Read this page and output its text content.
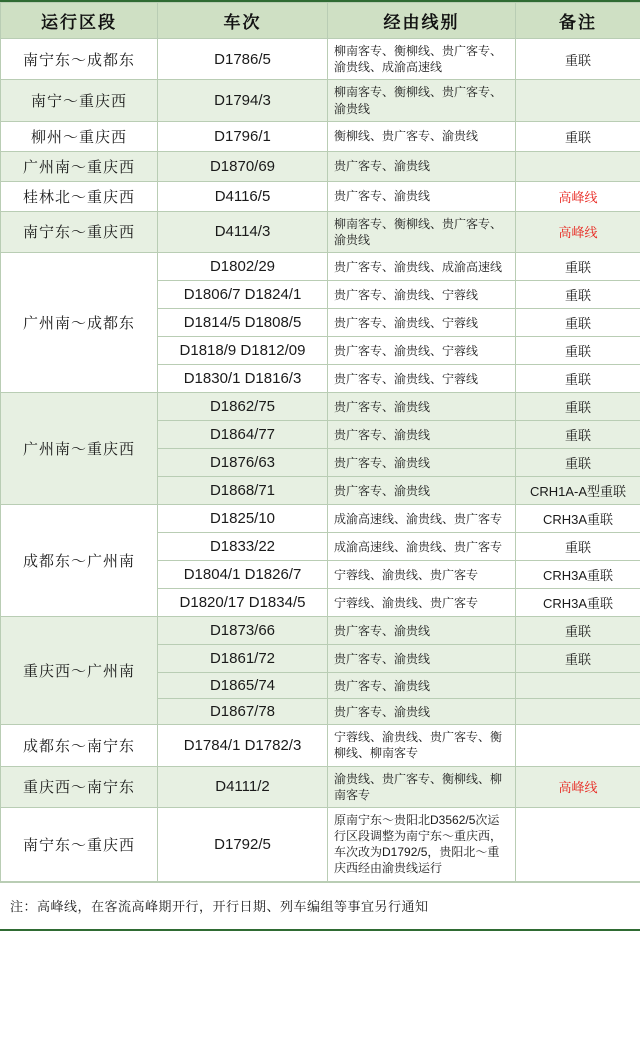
运行区段	车次	经由线别	备注
南宁东～成都东	D1786/5	柳南客专、衡柳线、贵广客专、渝贵线、成渝高速线	重联
南宁～重庆西	D1794/3	柳南客专、衡柳线、贵广客专、渝贵线	
柳州～重庆西	D1796/1	衡柳线、贵广客专、渝贵线	重联
广州南～重庆西	D1870/69	贵广客专、渝贵线	
桂林北～重庆西	D4116/5	贵广客专、渝贵线	高峰线
南宁东～重庆西	D4114/3	柳南客专、衡柳线、贵广客专、渝贵线	高峰线
广州南～成都东	D1802/29	贵广客专、渝贵线、成渝高速线	重联
	D1806/7 D1824/1	贵广客专、渝贵线、宁蓉线	重联
	D1814/5 D1808/5	贵广客专、渝贵线、宁蓉线	重联
	D1818/9 D1812/09	贵广客专、渝贵线、宁蓉线	重联
	D1830/1 D1816/3	贵广客专、渝贵线、宁蓉线	重联
广州南～重庆西	D1862/75	贵广客专、渝贵线	重联
	D1864/77	贵广客专、渝贵线	重联
	D1876/63	贵广客专、渝贵线	重联
	D1868/71	贵广客专、渝贵线	CRH1A-A型重联
成都东～广州南	D1825/10	成渝高速线、渝贵线、贵广客专	CRH3A重联
	D1833/22	成渝高速线、渝贵线、贵广客专	重联
	D1804/1 D1826/7	宁蓉线、渝贵线、贵广客专	CRH3A重联
	D1820/17 D1834/5	宁蓉线、渝贵线、贵广客专	CRH3A重联
重庆西～广州南	D1873/66	贵广客专、渝贵线	重联
	D1861/72	贵广客专、渝贵线	重联
	D1865/74	贵广客专、渝贵线	
	D1867/78	贵广客专、渝贵线	
成都东～南宁东	D1784/1 D1782/3	宁蓉线、渝贵线、贵广客专、衡柳线、柳南客专	
重庆西～南宁东	D4111/2	渝贵线、贵广客专、衡柳线、柳南客专	高峰线
南宁东～重庆西	D1792/5	原南宁东～贵阳北D3562/5次运行区段调整为南宁东～重庆西，车次改为D1792/5，贵阳北～重庆西经由渝贵线运行	
注：高峰线，在客流高峰期开行，开行日期、列车编组等事宜另行通知
